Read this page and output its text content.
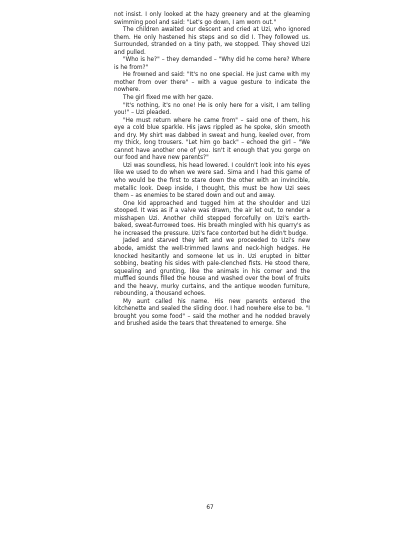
not insist. I only looked at the hazy greenery and at the gleaming swimming pool and said: "Let's go down, I am worn out."

The children awaited our descent and cried at Uzi, who ignored them. He only hastened his steps and so did I. They followed us. Surrounded, stranded on a tiny path, we stopped. They shoved Uzi and pulled.

"Who is he?" – they demanded – "Why did he come here? Where is he from?"

He frowned and said: "It's no one special. He just came with my mother from over there" – with a vague gesture to indicate the nowhere.

The girl fixed me with her gaze.

"It's nothing, it's no one! He is only here for a visit, I am telling you!" – Uzi pleaded.

"He must return where he came from" – said one of them, his eye a cold blue sparkle. His jaws rippled as he spoke, skin smooth and dry. My shirt was dabbed in sweat and hung, keeled over, from my thick, long trousers. "Let him go back" – echoed the girl – "We cannot have another one of you. Isn't it enough that you gorge on our food and have new parents?"

Uzi was soundless, his head lowered. I couldn't look into his eyes like we used to do when we were sad. Sima and I had this game of who would be the first to stare down the other with an invincible, metallic look. Deep inside, I thought, this must be how Uzi sees them – as enemies to be stared down and out and away.

One kid approached and tugged him at the shoulder and Uzi stooped. It was as if a valve was drawn, the air let out, to render a misshapen Uzi. Another child stepped forcefully on Uzi's earth-baked, sweat-furrowed toes. His breath mingled with his quarry's as he increased the pressure. Uzi's face contorted but he didn't budge.

Jaded and starved they left and we proceeded to Uzi's new abode, amidst the well-trimmed lawns and neck-high hedges. He knocked hesitantly and someone let us in. Uzi erupted in bitter sobbing, beating his sides with pale-clenched fists. He stood there, squealing and grunting, like the animals in his corner and the muffled sounds filled the house and washed over the bowl of fruits and the heavy, murky curtains, and the antique wooden furniture, rebounding, a thousand echoes.

My aunt called his name. His new parents entered the kitchenette and sealed the sliding door. I had nowhere else to be. "I brought you some food" – said the mother and he nodded bravely and brushed aside the tears that threatened to emerge. She

67
